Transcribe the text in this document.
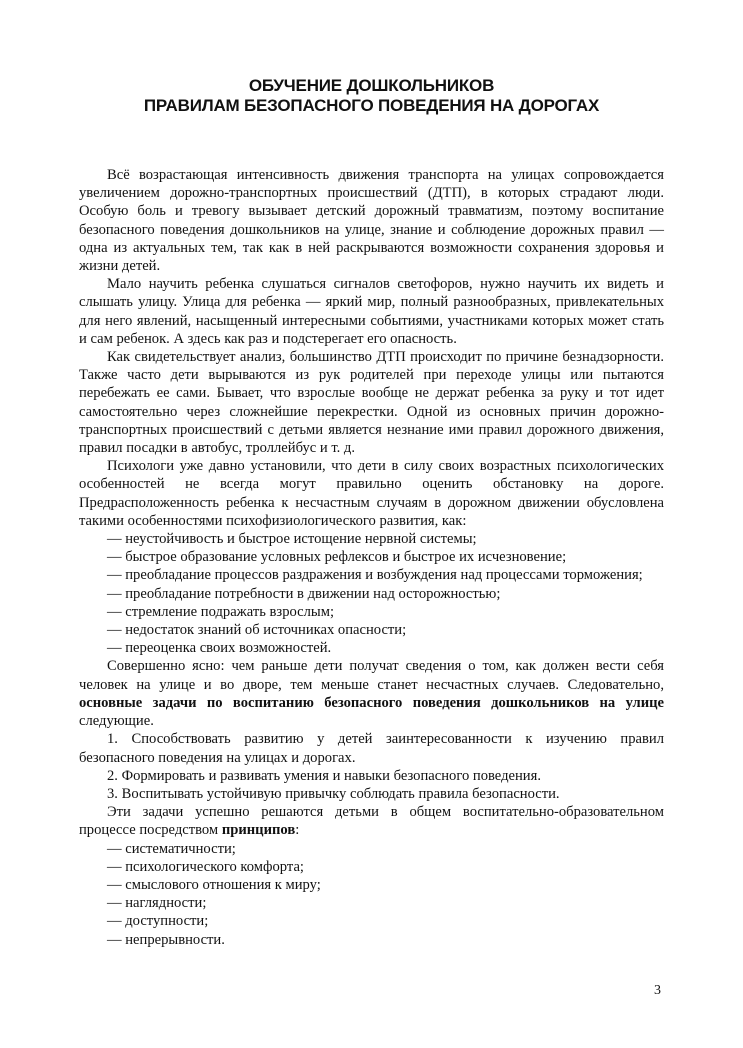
ОБУЧЕНИЕ ДОШКОЛЬНИКОВ
ПРАВИЛАМ БЕЗОПАСНОГО ПОВЕДЕНИЯ НА ДОРОГАХ

Всё возрастающая интенсивность движения транспорта на улицах сопровождается увеличением дорожно-транспортных происшествий (ДТП), в которых страдают люди. Особую боль и тревогу вызывает детский дорожный травматизм, поэтому воспитание безопасного поведения дошкольников на улице, знание и соблюдение дорожных правил — одна из актуальных тем, так как в ней раскрываются возможности сохранения здоровья и жизни детей.

Мало научить ребенка слушаться сигналов светофоров, нужно научить их видеть и слышать улицу. Улица для ребенка — яркий мир, полный разнообразных, привлекательных для него явлений, насыщенный интересными событиями, участниками которых может стать и сам ребенок. А здесь как раз и подстерегает его опасность.

Как свидетельствует анализ, большинство ДТП происходит по причине безнадзорности. Также часто дети вырываются из рук родителей при переходе улицы или пытаются перебежать ее сами. Бывает, что взрослые вообще не держат ребенка за руку и тот идет самостоятельно через сложнейшие перекрестки. Одной из основных причин дорожно-транспортных происшествий с детьми является незнание ими правил дорожного движения, правил посадки в автобус, троллейбус и т. д.

Психологи уже давно установили, что дети в силу своих возрастных психологических особенностей не всегда могут правильно оценить обстановку на дороге. Предрасположенность ребенка к несчастным случаям в дорожном движении обусловлена такими особенностями психофизиологического развития, как:

— неустойчивость и быстрое истощение нервной системы;

— быстрое образование условных рефлексов и быстрое их исчезновение;

— преобладание процессов раздражения и возбуждения над процессами торможения;

— преобладание потребности в движении над осторожностью;

— стремление подражать взрослым;

— недостаток знаний об источниках опасности;

— переоценка своих возможностей.

Совершенно ясно: чем раньше дети получат сведения о том, как должен вести себя человек на улице и во дворе, тем меньше станет несчастных случаев. Следовательно, основные задачи по воспитанию безопасного поведения дошкольников на улице следующие.

1. Способствовать развитию у детей заинтересованности к изучению правил безопасного поведения на улицах и дорогах.

2. Формировать и развивать умения и навыки безопасного поведения.

3. Воспитывать устойчивую привычку соблюдать правила безопасности.

Эти задачи успешно решаются детьми в общем воспитательно-образовательном процессе посредством принципов:

— систематичности;

— психологического комфорта;

— смыслового отношения к миру;

— наглядности;

— доступности;

— непрерывности.

3
